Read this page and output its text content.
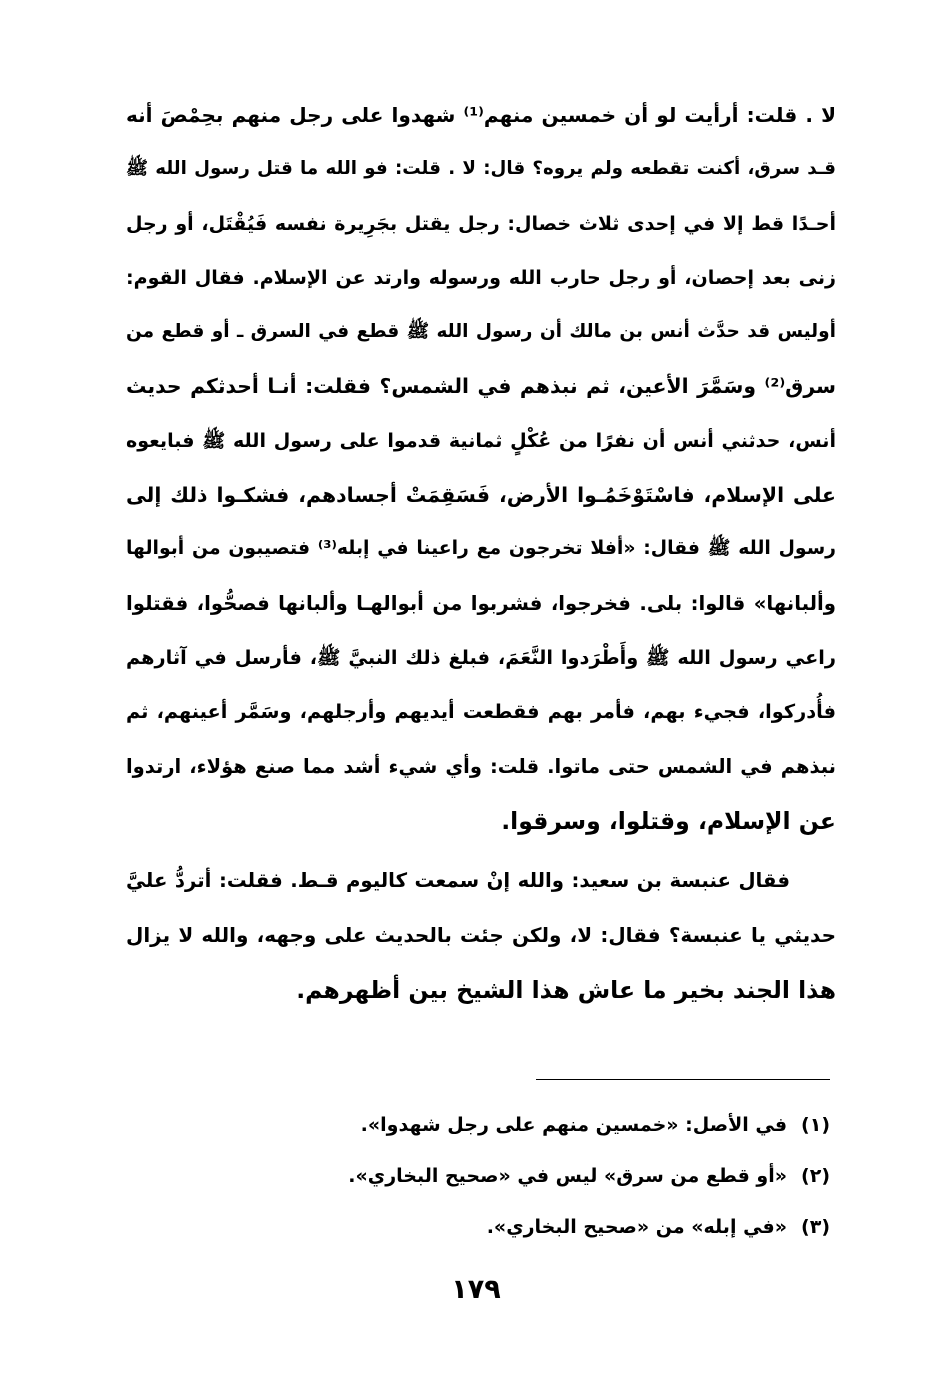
لا . قلت: أرأيت لو أن خمسين منهم⁽¹⁾ شهدوا على رجل منهم بحِمْصَ أنه
قـد سرق، أكنت تقطعه ولم يروه؟ قال: لا . قلت: فو الله ما قتل رسول الله ﷺ
أحـدًا قط إلا في إحدى ثلاث خصال: رجل يقتل بجَرِيرة نفسه فَيُقْتَل، أو رجل
زنى بعد إحصان، أو رجل حارب الله ورسوله وارتد عن الإسلام. فقال القوم:
أوليس قد حدَّث أنس بن مالك أن رسول الله ﷺ قطع في السرق ـ أو قطع من
سرق⁽²⁾ وسَمَّرَ الأعين، ثم نبذهم في الشمس؟ فقلت: أنـا أحدثكم حديث
أنس، حدثني أنس أن نفرًا من عُكْلٍ ثمانية قدموا على رسول الله ﷺ فبايعوه
على الإسلام، فاسْتَوْخَمُـوا الأرض، فَسَقِمَتْ أجسادهم، فشكـوا ذلك إلى
رسول الله ﷺ فقال: «أفلا تخرجون مع راعينا في إبله⁽³⁾ فتصيبون من أبوالها
وألبانها» قالوا: بلى. فخرجوا، فشربوا من أبوالهـا وألبانها فصحُّوا، فقتلوا
راعي رسول الله ﷺ وأَطْرَدوا النَّعَمَ، فبلغ ذلك النبيَّ ﷺ، فأرسل في آثارهم
فأُدركوا، فجيء بهم، فأمر بهم فقطعت أيديهم وأرجلهم، وسَمَّر أعينهم، ثم
نبذهم في الشمس حتى ماتوا. قلت: وأي شيء أشد مما صنع هؤلاء، ارتدوا
عن الإسلام، وقتلوا، وسرقوا.
فقال عنبسة بن سعيد: والله إنْ سمعت كاليوم قـط. فقلت: أتردُّ عليَّ
حديثي يا عنبسة؟ فقال: لا، ولكن جئت بالحديث على وجهه، والله لا يزال
هذا الجند بخير ما عاش هذا الشيخ بين أظهرهم.
(١)في الأصل: «خمسين منهم على رجل شهدوا».
(٢)«أو قطع من سرق» ليس في «صحيح البخاري».
(٣)«في إبله» من «صحيح البخاري».
١٧٩
